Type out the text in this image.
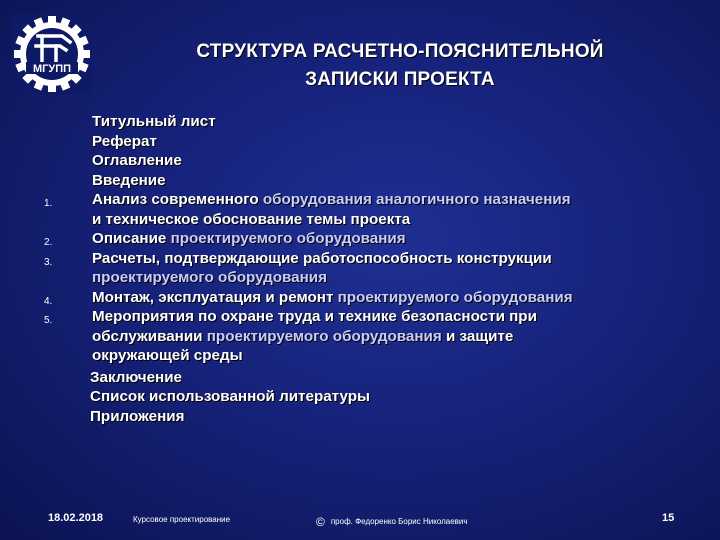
МГУПП
СТРУКТУРА РАСЧЕТНО-ПОЯСНИТЕЛЬНОЙ
ЗАПИСКИ ПРОЕКТА
Титульный лист
Реферат
Оглавление
Введение
1.	Анализ современного оборудования аналогичного назначения
и техническое обоснование темы проекта
2.	Описание проектируемого оборудования
3.	Расчеты, подтверждающие работоспособность конструкции
проектируемого оборудования
4.	Монтаж, эксплуатация и ремонт проектируемого оборудования
5.	Мероприятия по охране труда и технике безопасности при
обслуживании проектируемого оборудования и защите
окружающей среды
Заключение
Список использованной литературы
Приложения
18.02.2018	Курсовое проектирование	© проф. Федоренко Борис Николаевич	15
